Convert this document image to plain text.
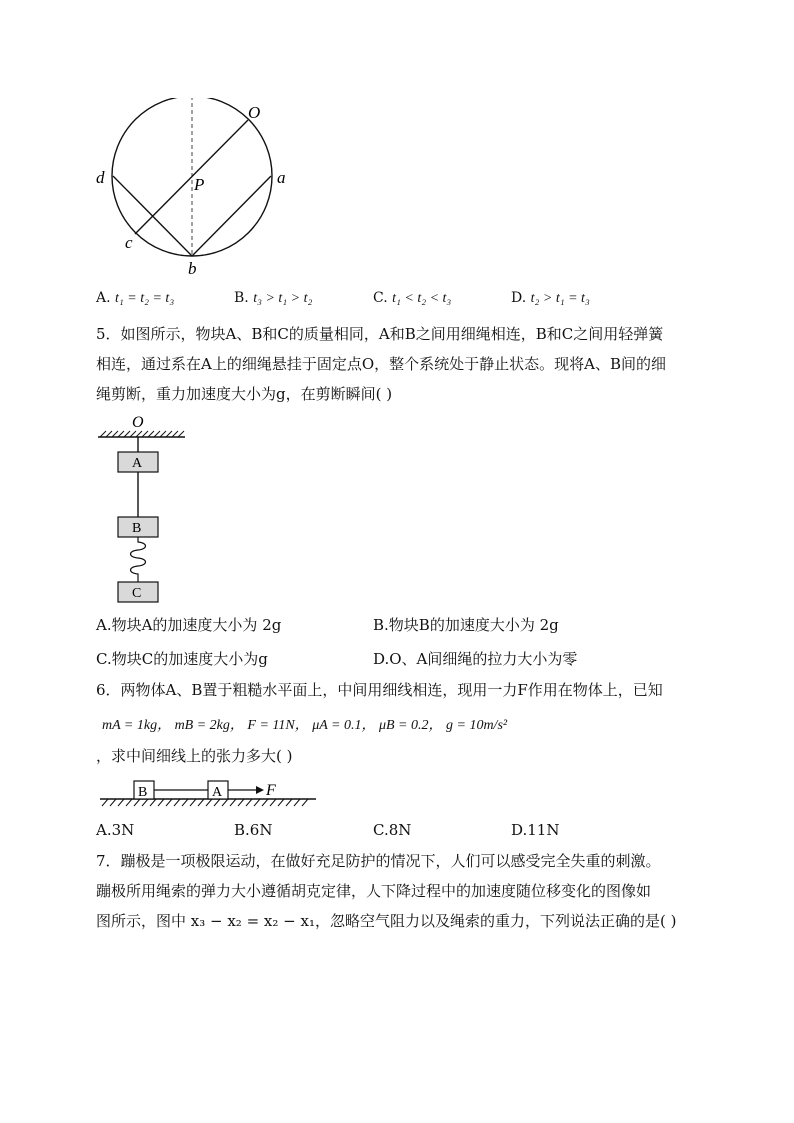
O
P
d	a
c
b
A. t₁ = t₂ = t₃	B. t₃ > t₁ > t₂	C. t₁ < t₂ < t₃	D. t₂ > t₁ = t₃
5．如图所示，物块A、B和C的质量相同，A和B之间用细绳相连，B和C之间用轻弹簧
相连，通过系在A上的细绳悬挂于固定点O，整个系统处于静止状态。现将A、B间的细
绳剪断，重力加速度大小为g，在剪断瞬间( )
O
A
B
C
A.物块A的加速度大小为 2g	B.物块B的加速度大小为 2g
C.物块C的加速度大小为g	D.O、A间细绳的拉力大小为零
6．两物体A、B置于粗糙水平面上，中间用细线相连，现用一力F作用在物体上，已知
mA = 1kg， mB = 2kg， F = 11N， μA = 0.1， μB = 0.2， g = 10m/s²
，求中间细线上的张力多大( )
B	A	F
A.3N	B.6N	C.8N	D.11N
7．蹦极是一项极限运动，在做好充足防护的情况下，人们可以感受完全失重的刺激。
蹦极所用绳索的弹力大小遵循胡克定律，人下降过程中的加速度随位移变化的图像如
图所示，图中 x₃ − x₂ = x₂ − x₁，忽略空气阻力以及绳索的重力，下列说法正确的是( )
